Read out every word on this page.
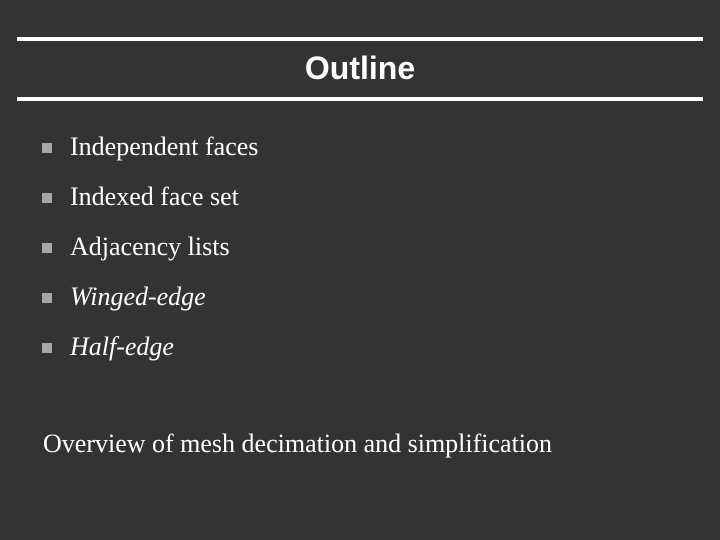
Outline
Independent faces
Indexed face set
Adjacency lists
Winged-edge
Half-edge
Overview of mesh decimation and simplification
